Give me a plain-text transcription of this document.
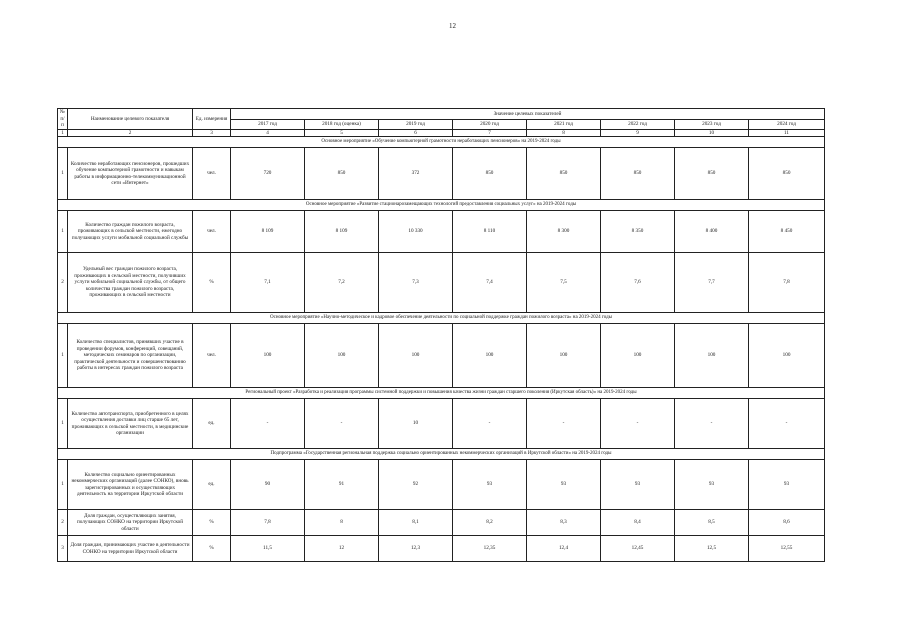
12
№ п/п	Наименование целевого показателя	Ед. измерения	Значение целевых показателей							
			2017 год	2018 год (оценка)	2019 год	2020 год	2021 год	2022 год	2023 год	2024 год
1	2	3	4	5	6	7	8	9	10	11
Основное мероприятие «Обучение компьютерной грамотности неработающих пенсионеров» на 2019-2024 годы										
1	Количество неработающих пенсионеров, прошедших обучение компьютерной грамотности и навыкам работы в информационно-телекоммуникационной сети «Интернет»	чел.	720	850	372	850	850	850	850	850
Основное мероприятие «Развитие стационарозамещающих технологий предоставления социальных услуг» на 2019-2024 годы										
1	Количество граждан пожилого возраста, проживающих в сельской местности, ежегодно получающих услуги мобильной социальной службы	чел.	8 109	8 109	10 330	8 110	8 300	8 350	8 400	8 450
2	Удельный вес граждан пожилого возраста, проживающих в сельской местности, получивших услуги мобильной социальной службы, от общего количества граждан пожилого возраста, проживающих в сельской местности	%	7,1	7,2	7,3	7,4	7,5	7,6	7,7	7,8
Основное мероприятие «Научно-методическое и кадровое обеспечение деятельности по социальной поддержке граждан пожилого возраста» на 2019-2024 годы										
1	Количество специалистов, принявших участие в проведении форумов, конференций, совещаний, методических семинаров по организации, практической деятельности и совершенствованию работы в интересах граждан пожилого возраста	чел.	100	100	100	100	100	100	100	100
Региональный проект «Разработка и реализация программы системной поддержки и повышения качества жизни граждан старшего поколения (Иркутская область)» на 2019-2024 годы										
1	Количество автотранспорта, приобретенного в целях осуществления доставки лиц старше 65 лет, проживающих в сельской местности, в медицинские организации	ед.	-	-	10	-	-	-	-	-
Подпрограмма «Государственная региональная поддержка социально ориентированных некоммерческих организаций в Иркутской области» на 2019-2024 годы										
1	Количество социально ориентированных некоммерческих организаций (далее СОНКО), вновь зарегистрированных и осуществляющих деятельность на территории Иркутской области	ед.	90	91	92	93	93	93	93	93
2	Доля граждан, осуществляющих занятия, получающих СОНКО на территории Иркутской области	%	7,8	8	8,1	8,2	8,3	8,4	8,5	8,6
3	Доля граждан, принимающих участие в деятельности СОНКО на территории Иркутской области	%	11,5	12	12,3	12,35	12,4	12,45	12,5	12,55
